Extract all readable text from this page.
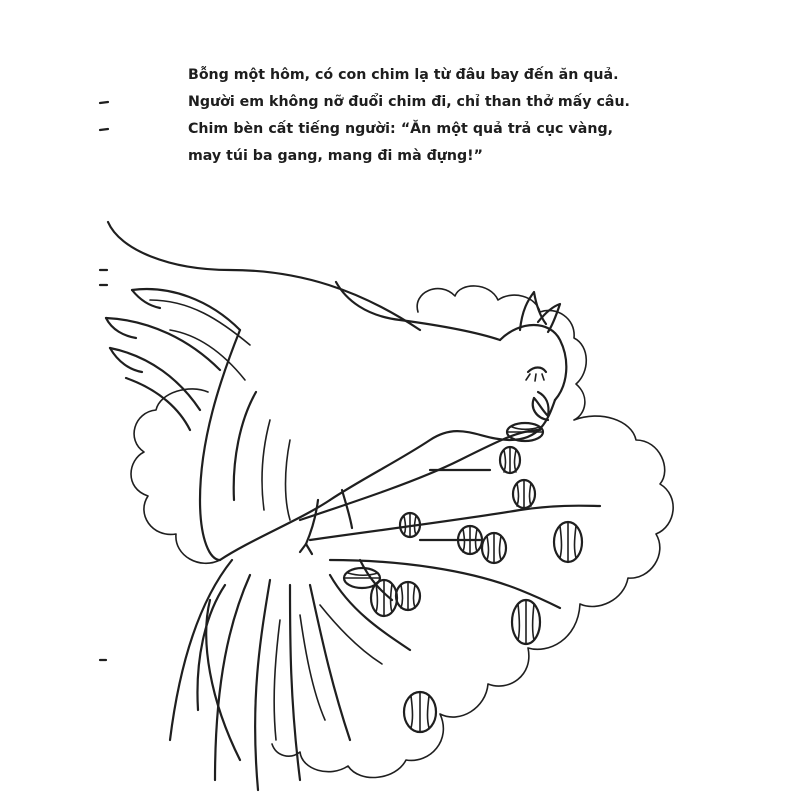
Bỗng một hôm, có con chim lạ từ đâu bay đến ăn quả.
Người em không nỡ đuổi chim đi, chỉ than thở mấy câu.
Chim bèn cất tiếng người: “Ăn một quả trả cục vàng,
may túi ba gang, mang đi mà đựng!”
